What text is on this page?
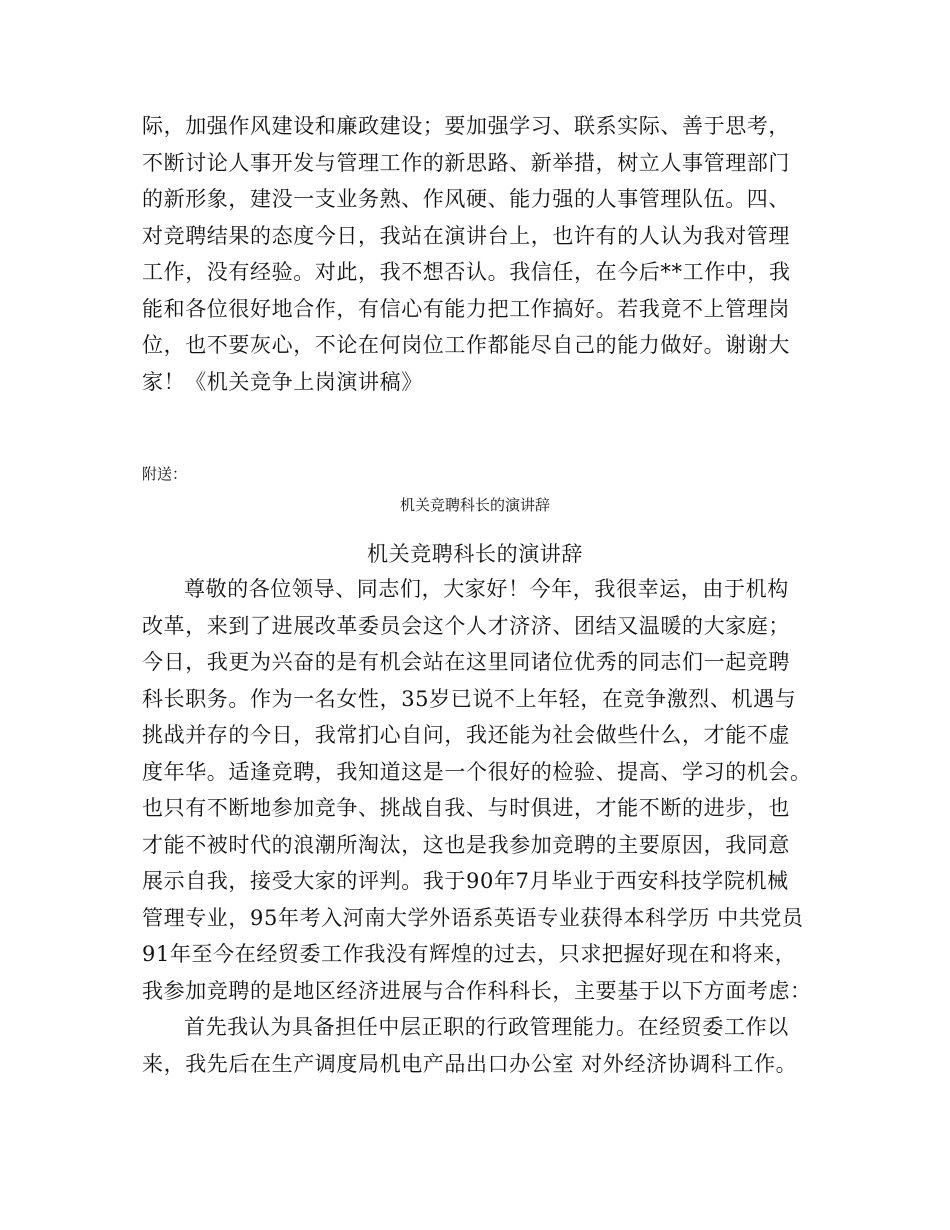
际，加强作风建设和廉政建设；要加强学习、联系实际、善于思考，
不断讨论人事开发与管理工作的新思路、新举措，树立人事管理部门
的新形象，建没一支业务熟、作风硬、能力强的人事管理队伍。四、
对竞聘结果的态度今日，我站在演讲台上，也许有的人认为我对管理
工作，没有经验。对此，我不想否认。我信任，在今后**工作中，我
能和各位很好地合作，有信心有能力把工作搞好。若我竟不上管理岗
位，也不要灰心，不论在何岗位工作都能尽自己的能力做好。谢谢大
家！《机关竞争上岗演讲稿》
附送：
机关竞聘科长的演讲辞
机关竞聘科长的演讲辞
尊敬的各位领导、同志们，大家好！今年，我很幸运，由于机构
改革，来到了进展改革委员会这个人才济济、团结又温暖的大家庭；
今日，我更为兴奋的是有机会站在这里同诸位优秀的同志们一起竞聘
科长职务。作为一名女性，35岁已说不上年轻，在竞争激烈、机遇与
挑战并存的今日，我常扪心自问，我还能为社会做些什么，才能不虚
度年华。适逢竞聘，我知道这是一个很好的检验、提高、学习的机会。
也只有不断地参加竞争、挑战自我、与时俱进，才能不断的进步，也
才能不被时代的浪潮所淘汰，这也是我参加竞聘的主要原因，我同意
展示自我，接受大家的评判。我于90年7月毕业于西安科技学院机械
管理专业，95年考入河南大学外语系英语专业获得本科学历 中共党员
91年至今在经贸委工作我没有辉煌的过去，只求把握好现在和将来，
我参加竞聘的是地区经济进展与合作科科长，主要基于以下方面考虑：
首先我认为具备担任中层正职的行政管理能力。在经贸委工作以
来，我先后在生产调度局机电产品出口办公室 对外经济协调科工作。
